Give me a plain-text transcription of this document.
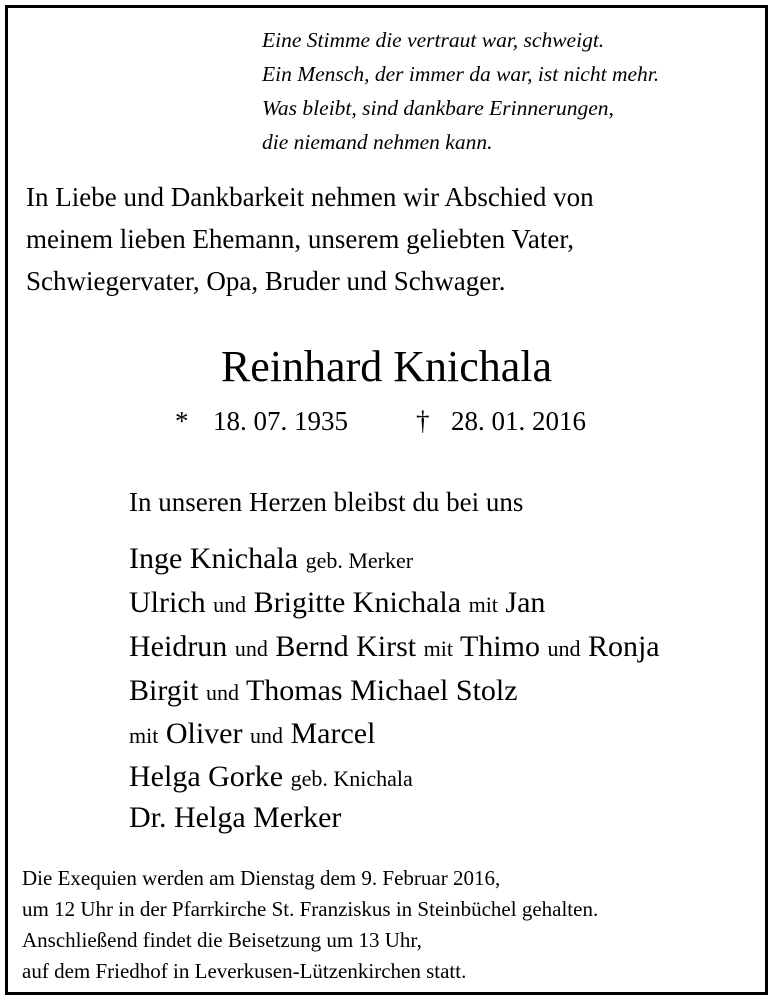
Eine Stimme die vertraut war, schweigt.
Ein Mensch, der immer da war, ist nicht mehr.
Was bleibt, sind dankbare Erinnerungen,
die niemand nehmen kann.
In Liebe und Dankbarkeit nehmen wir Abschied von
meinem lieben Ehemann, unserem geliebten Vater,
Schwiegervater, Opa, Bruder und Schwager.
Reinhard Knichala
* 18. 07. 1935	† 28. 01. 2016
In unseren Herzen bleibst du bei uns
Inge Knichala geb. Merker
Ulrich und Brigitte Knichala mit Jan
Heidrun und Bernd Kirst mit Thimo und Ronja
Birgit und Thomas Michael Stolz
mit Oliver und Marcel
Helga Gorke geb. Knichala
Dr. Helga Merker
Die Exequien werden am Dienstag dem 9. Februar 2016,
um 12 Uhr in der Pfarrkirche St. Franziskus in Steinbüchel gehalten.
Anschließend findet die Beisetzung um 13 Uhr,
auf dem Friedhof in Leverkusen-Lützenkirchen statt.
